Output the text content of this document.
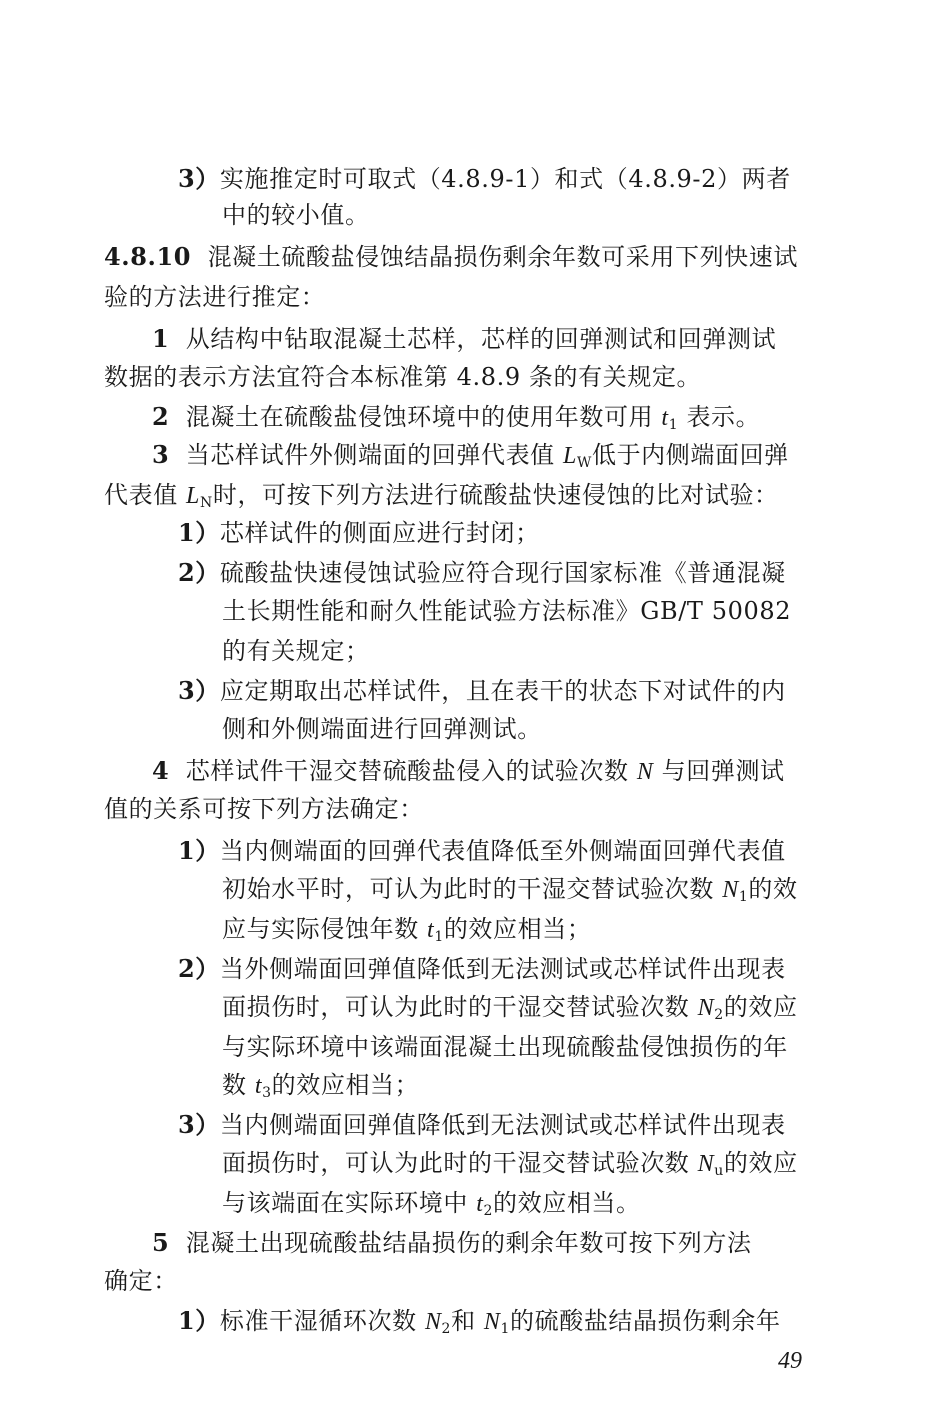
3）实施推定时可取式（4.8.9-1）和式（4.8.9-2）两者
中的较小值。
4.8.10 混凝土硫酸盐侵蚀结晶损伤剩余年数可采用下列快速试
验的方法进行推定：
1 从结构中钻取混凝土芯样，芯样的回弹测试和回弹测试
数据的表示方法宜符合本标准第 4.8.9 条的有关规定。
2 混凝土在硫酸盐侵蚀环境中的使用年数可用 $t_1$ 表示。
3 当芯样试件外侧端面的回弹代表值 $L_W$低于内侧端面回弹
代表值 $L_N$时，可按下列方法进行硫酸盐快速侵蚀的比对试验：
1）芯样试件的侧面应进行封闭；
2）硫酸盐快速侵蚀试验应符合现行国家标准《普通混凝
土长期性能和耐久性能试验方法标准》GB/T 50082
的有关规定；
3）应定期取出芯样试件，且在表干的状态下对试件的内
侧和外侧端面进行回弹测试。
4 芯样试件干湿交替硫酸盐侵入的试验次数 N 与回弹测试
值的关系可按下列方法确定：
1）当内侧端面的回弹代表值降低至外侧端面回弹代表值
初始水平时，可认为此时的干湿交替试验次数 $N_1$的效
应与实际侵蚀年数 $t_1$的效应相当；
2）当外侧端面回弹值降低到无法测试或芯样试件出现表
面损伤时，可认为此时的干湿交替试验次数 $N_2$的效应
与实际环境中该端面混凝土出现硫酸盐侵蚀损伤的年
数 $t_3$的效应相当；
3）当内侧端面回弹值降低到无法测试或芯样试件出现表
面损伤时，可认为此时的干湿交替试验次数 $N_u$的效应
与该端面在实际环境中 $t_2$的效应相当。
5 混凝土出现硫酸盐结晶损伤的剩余年数可按下列方法
确定：
1）标准干湿循环次数 $N_2$和 $N_1$的硫酸盐结晶损伤剩余年
49
